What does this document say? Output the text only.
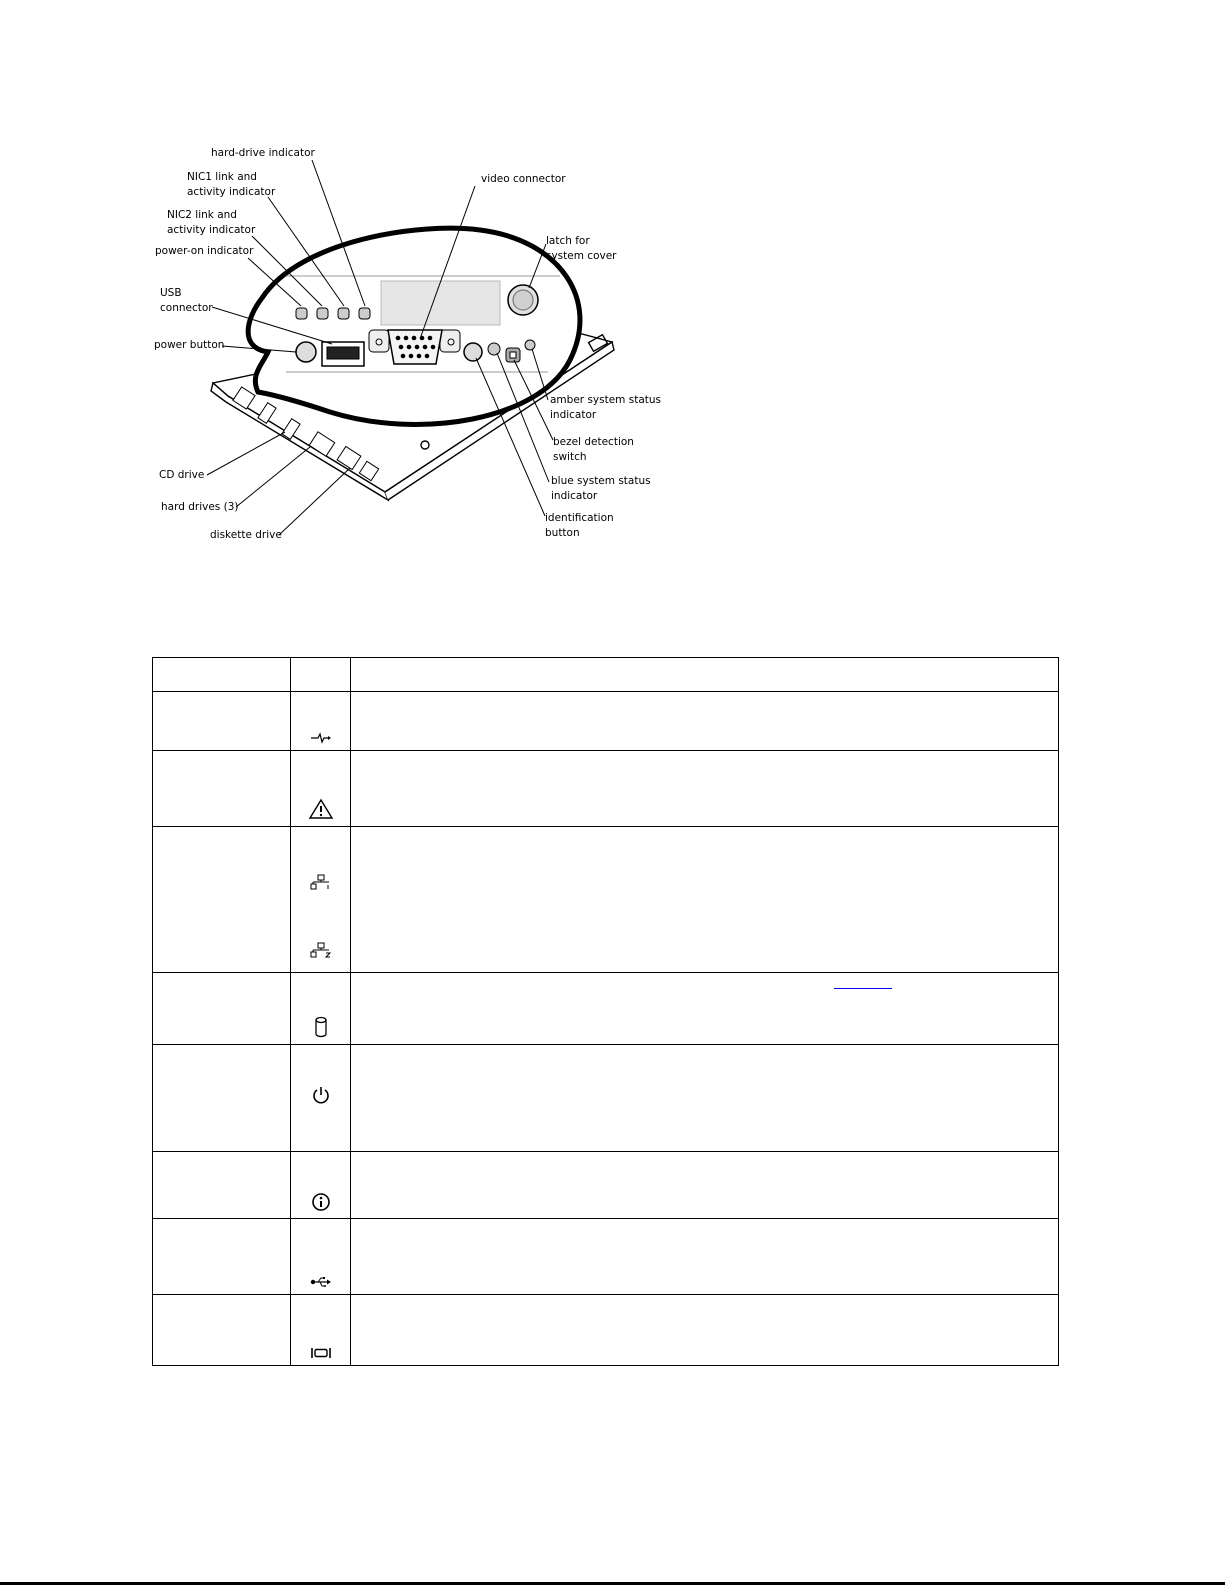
hard-drive indicator
NIC1 link and
activity indicator
NIC2 link and
activity indicator
power-on indicator
USB
connector
power button
video connector
latch for
system cover
amber system status
indicator
bezel detection
switch
blue system status
indicator
identification
button
CD drive
hard drives (3)
diskette drive
